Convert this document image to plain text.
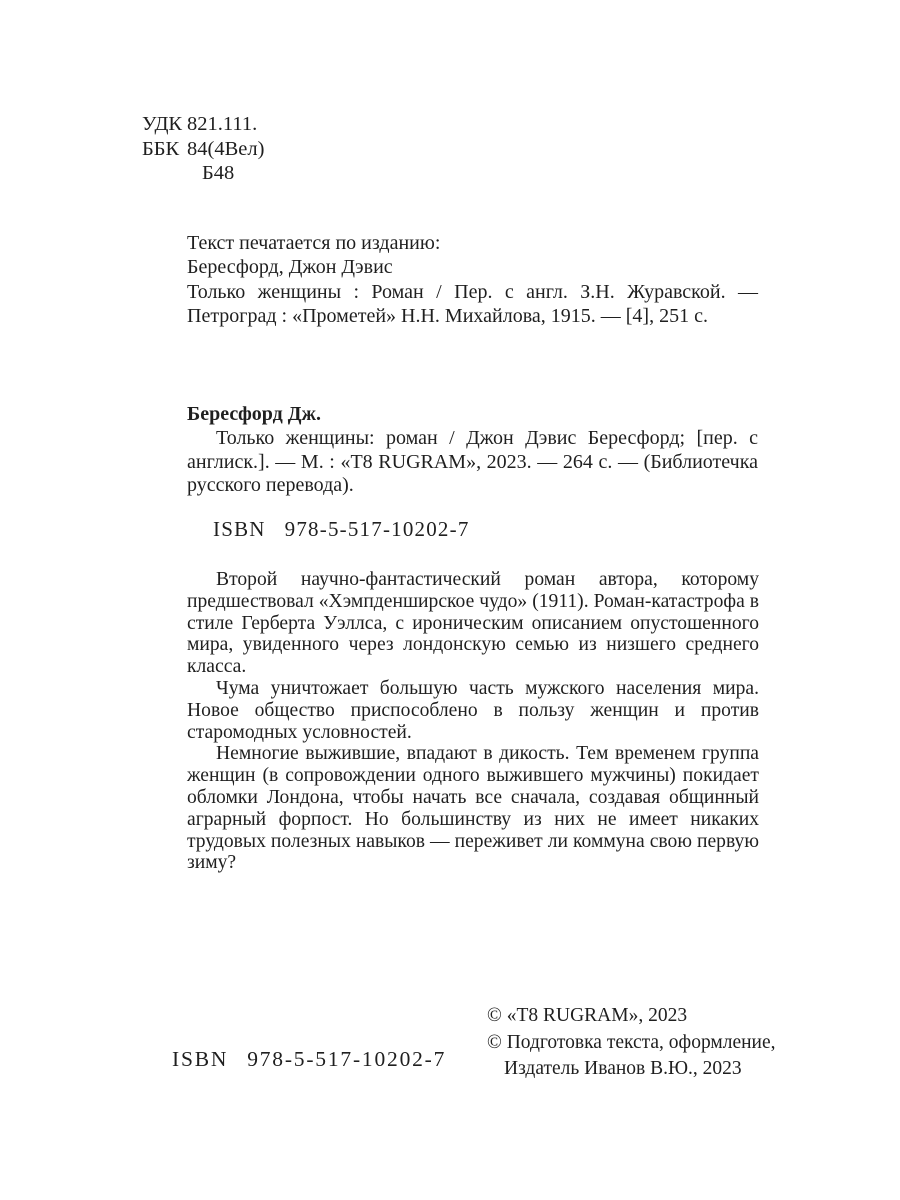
УДК 821.111.
ББК 84(4Вел)
Б48
Текст печатается по изданию:
Бересфорд, Джон Дэвис

Только женщины : Роман / Пер. с англ. З.Н. Журавской. — Петроград : «Прометей» Н.Н. Михайлова, 1915. — [4], 251 с.

Бересфорд Дж.

Только женщины: роман / Джон Дэвис Бересфорд; [пер. с англиск.]. — М. : «Т8 RUGRAM», 2023. — 264 с. — (Библиотечка русского перевода).

ISBN 978-5-517-10202-7

Второй научно-фантастический роман автора, которому предшествовал «Хэмпденширское чудо» (1911). Роман-катастрофа в стиле Герберта Уэллса, с ироническим описанием опустошенного мира, увиденного через лондонскую семью из низшего среднего класса.

Чума уничтожает большую часть мужского населения мира. Новое общество приспособлено в пользу женщин и против старомодных условностей.

Немногие выжившие, впадают в дикость. Тем временем группа женщин (в сопровождении одного выжившего мужчины) покидает обломки Лондона, чтобы начать все сначала, создавая общинный аграрный форпост. Но большинству из них не имеет никаких трудовых полезных навыков — переживет ли коммуна свою первую зиму?

© «Т8 RUGRAM», 2023
© Подготовка текста, оформление,
Издатель Иванов В.Ю., 2023
ISBN 978-5-517-10202-7
